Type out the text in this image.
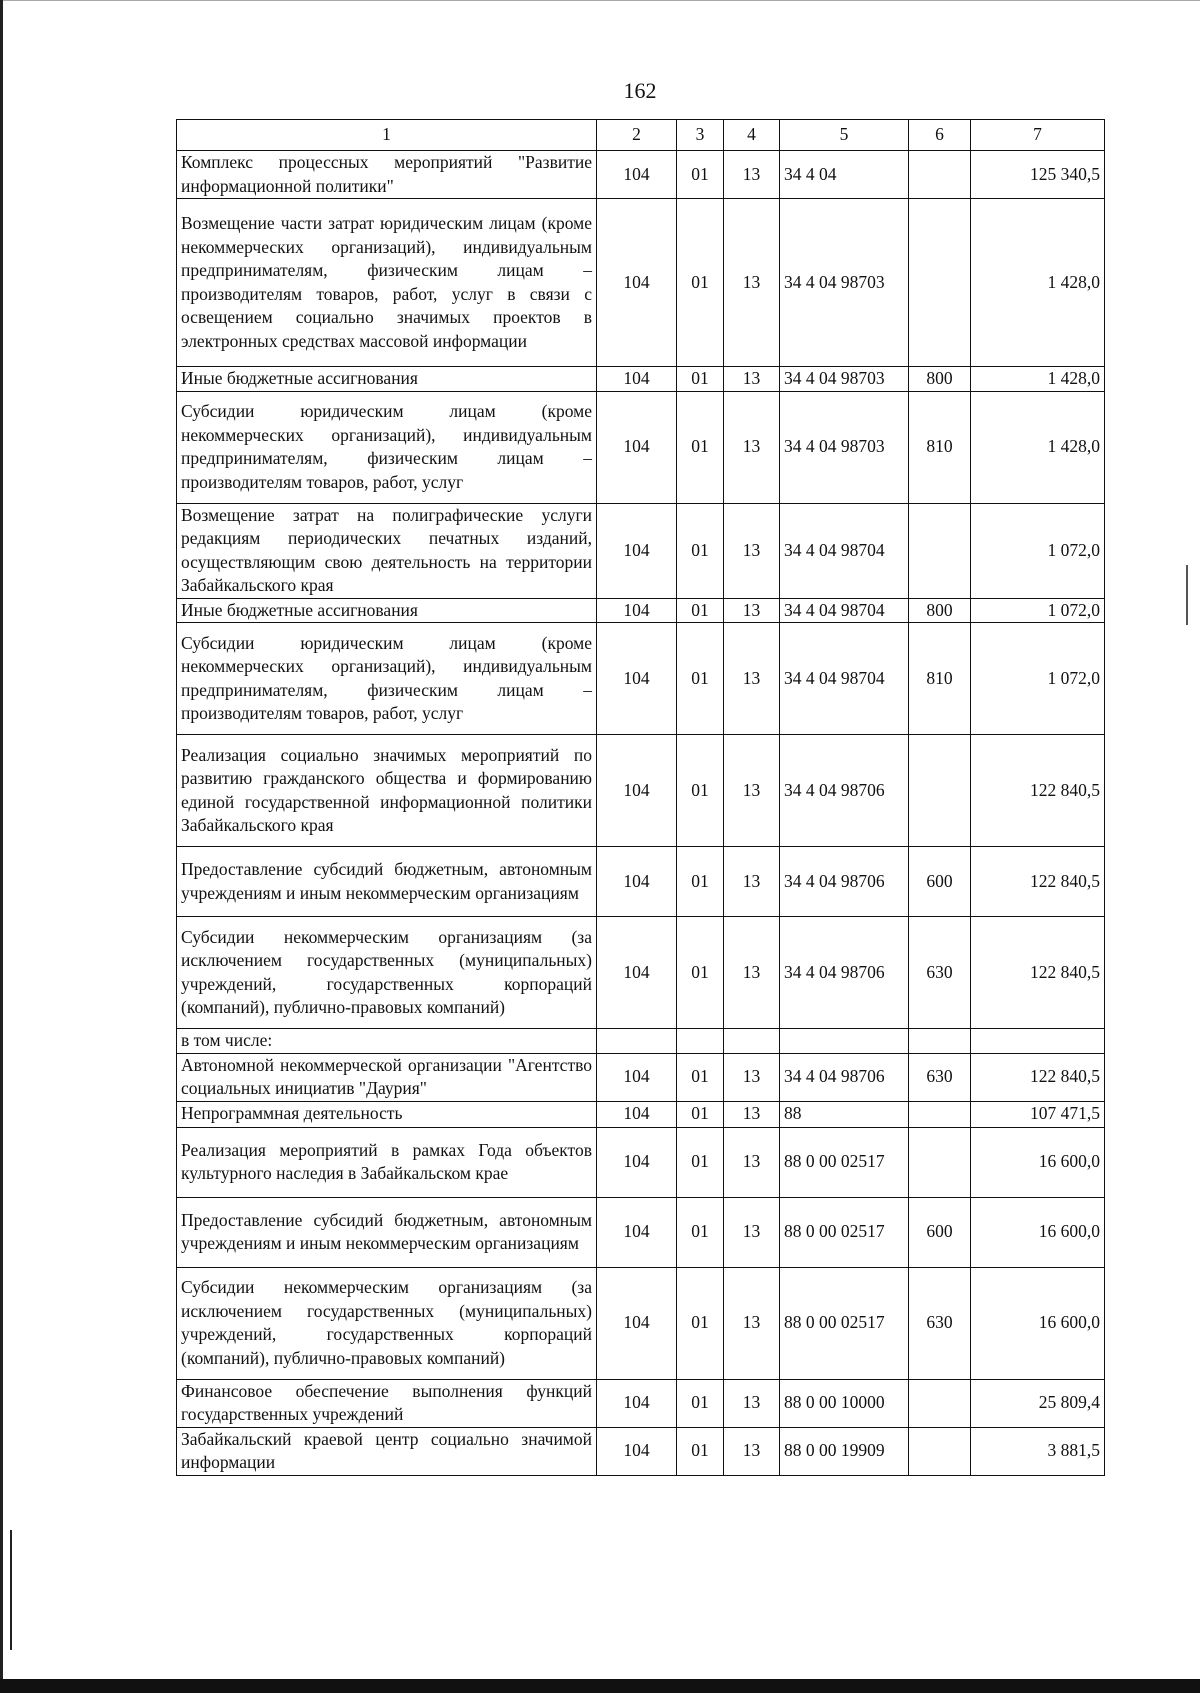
162
1	2	3	4	5	6	7
Комплекс процессных мероприятий "Развитие информационной политики"	104	01	13	34 4 04		125 340,5
Возмещение части затрат юридическим лицам (кроме некоммерческих организаций), индивидуальным предпринимателям, физическим лицам – производителям товаров, работ, услуг в связи с освещением социально значимых проектов в электронных средствах массовой информации	104	01	13	34 4 04 98703		1 428,0
Иные бюджетные ассигнования	104	01	13	34 4 04 98703	800	1 428,0
Субсидии юридическим лицам (кроме некоммерческих организаций), индивидуальным предпринимателям, физическим лицам – производителям товаров, работ, услуг	104	01	13	34 4 04 98703	810	1 428,0
Возмещение затрат на полиграфические услуги редакциям периодических печатных изданий, осуществляющим свою деятельность на территории Забайкальского края	104	01	13	34 4 04 98704		1 072,0
Иные бюджетные ассигнования	104	01	13	34 4 04 98704	800	1 072,0
Субсидии юридическим лицам (кроме некоммерческих организаций), индивидуальным предпринимателям, физическим лицам – производителям товаров, работ, услуг	104	01	13	34 4 04 98704	810	1 072,0
Реализация социально значимых мероприятий по развитию гражданского общества и формированию единой государственной информационной политики Забайкальского края	104	01	13	34 4 04 98706		122 840,5
Предоставление субсидий бюджетным, автономным учреждениям и иным некоммерческим организациям	104	01	13	34 4 04 98706	600	122 840,5
Субсидии некоммерческим организациям (за исключением государственных (муниципальных) учреждений, государственных корпораций (компаний), публично-правовых компаний)	104	01	13	34 4 04 98706	630	122 840,5
в том числе:						
Автономной некоммерческой организации "Агентство социальных инициатив "Даурия"	104	01	13	34 4 04 98706	630	122 840,5
Непрограммная деятельность	104	01	13	88		107 471,5
Реализация мероприятий в рамках Года объектов культурного наследия в Забайкальском крае	104	01	13	88 0 00 02517		16 600,0
Предоставление субсидий бюджетным, автономным учреждениям и иным некоммерческим организациям	104	01	13	88 0 00 02517	600	16 600,0
Субсидии некоммерческим организациям (за исключением государственных (муниципальных) учреждений, государственных корпораций (компаний), публично-правовых компаний)	104	01	13	88 0 00 02517	630	16 600,0
Финансовое обеспечение выполнения функций государственных учреждений	104	01	13	88 0 00 10000		25 809,4
Забайкальский краевой центр социально значимой информации	104	01	13	88 0 00 19909		3 881,5
